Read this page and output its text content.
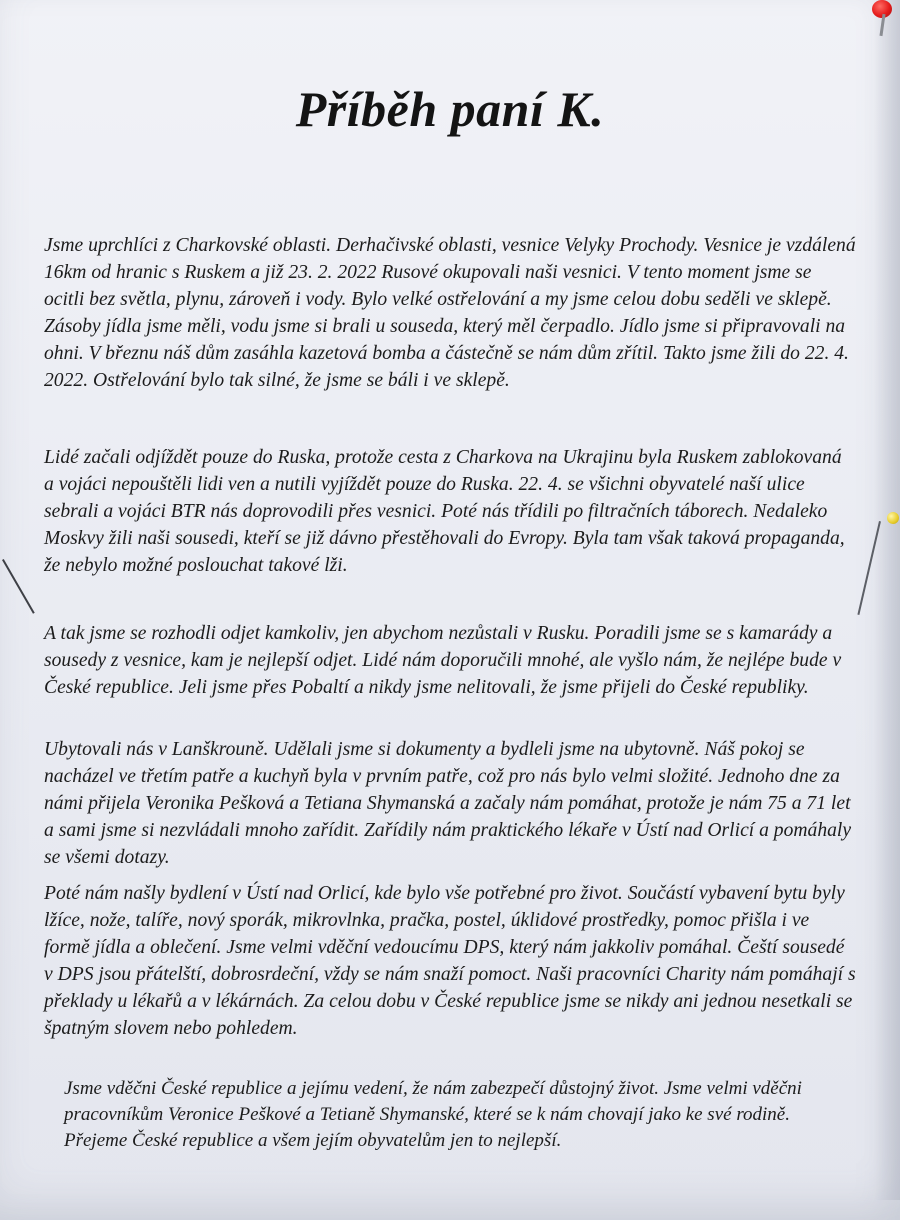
Příběh paní K.

Jsme uprchlíci z Charkovské oblasti. Derhačivské oblasti, vesnice Velyky Prochody. Vesnice je vzdálená 16km od hranic s Ruskem a již 23. 2. 2022 Rusové okupovali naši vesnici. V tento moment jsme se ocitli bez světla, plynu, zároveň i vody. Bylo velké ostřelování a my jsme celou dobu seděli ve sklepě. Zásoby jídla jsme měli, vodu jsme si brali u souseda, který měl čerpadlo. Jídlo jsme si připravovali na ohni. V březnu náš dům zasáhla kazetová bomba a částečně se nám dům zřítil. Takto jsme žili do 22. 4. 2022. Ostřelování bylo tak silné, že jsme se báli i ve sklepě.

Lidé začali odjíždět pouze do Ruska, protože cesta z Charkova na Ukrajinu byla Ruskem zablokovaná a vojáci nepouštěli lidi ven a nutili vyjíždět pouze do Ruska. 22. 4. se všichni obyvatelé naší ulice sebrali a vojáci BTR nás doprovodili přes vesnici. Poté nás třídili po filtračních táborech. Nedaleko Moskvy žili naši sousedi, kteří se již dávno přestěhovali do Evropy. Byla tam však taková propaganda, že nebylo možné poslouchat takové lži.

A tak jsme se rozhodli odjet kamkoliv, jen abychom nezůstali v Rusku. Poradili jsme se s kamarády a sousedy z vesnice, kam je nejlepší odjet. Lidé nám doporučili mnohé, ale vyšlo nám, že nejlépe bude v České republice. Jeli jsme přes Pobaltí a nikdy jsme nelitovali, že jsme přijeli do České republiky.

Ubytovali nás v Lanškrouně. Udělali jsme si dokumenty a bydleli jsme na ubytovně. Náš pokoj se nacházel ve třetím patře a kuchyň byla v prvním patře, což pro nás bylo velmi složité. Jednoho dne za námi přijela Veronika Pešková a Tetiana Shymanská a začaly nám pomáhat, protože je nám 75 a 71 let a sami jsme si nezvládali mnoho zařídit. Zařídily nám praktického lékaře v Ústí nad Orlicí a pomáhaly se všemi dotazy.

Poté nám našly bydlení v Ústí nad Orlicí, kde bylo vše potřebné pro život. Součástí vybavení bytu byly lžíce, nože, talíře, nový sporák, mikrovlnka, pračka, postel, úklidové prostředky, pomoc přišla i ve formě jídla a oblečení. Jsme velmi vděční vedoucímu DPS, který nám jakkoliv pomáhal. Čeští sousedé v DPS jsou přátelští, dobrosrdeční, vždy se nám snaží pomoct. Naši pracovníci Charity nám pomáhají s překlady u lékařů a v lékárnách. Za celou dobu v České republice jsme se nikdy ani jednou nesetkali se špatným slovem nebo pohledem.

Jsme vděčni České republice a jejímu vedení, že nám zabezpečí důstojný život. Jsme velmi vděčni pracovníkům Veronice Peškové a Tetianě Shymanské, které se k nám chovají jako ke své rodině. Přejeme České republice a všem jejím obyvatelům jen to nejlepší.
